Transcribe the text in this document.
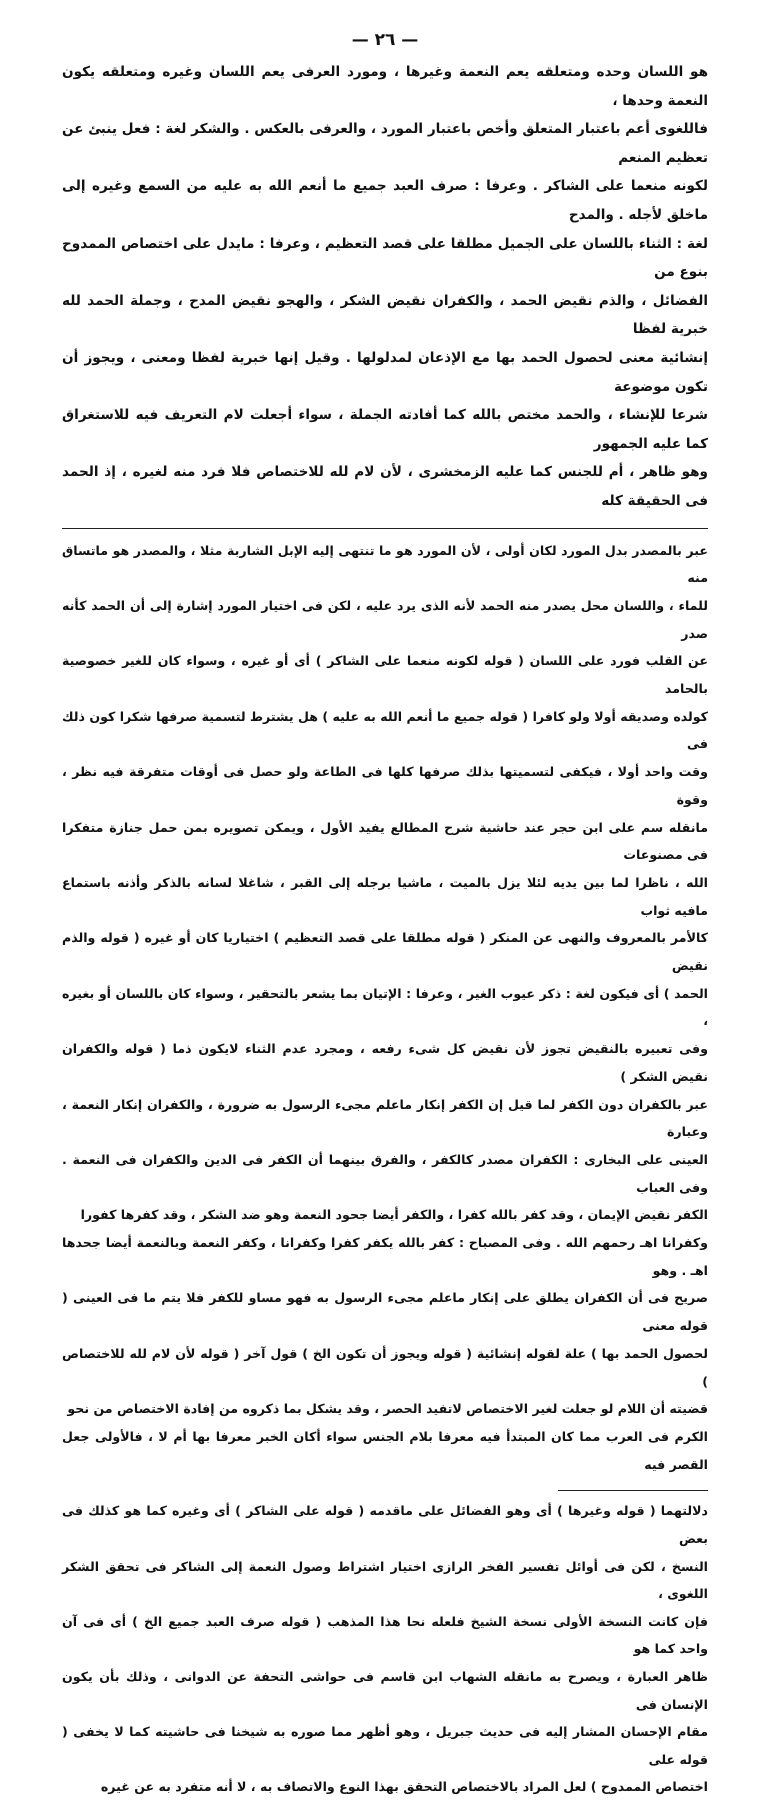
— ٢٦ —

هو اللسان وحده ومتعلقه يعم النعمة وغيرها ، ومورد العرفى يعم اللسان وغيره ومتعلقه يكون النعمة وحدها ،

فاللغوى أعم باعتبار المتعلق وأخص باعتبار المورد ، والعرفى بالعكس . والشكر لغة : فعل ينبئ عن تعظيم المنعم

لكونه منعما على الشاكر . وعرفا : صرف العبد جميع ما أنعم الله به عليه من السمع وغيره إلى ماخلق لأجله . والمدح

لغة : الثناء باللسان على الجميل مطلقا على قصد التعظيم ، وعرفا : مايدل على اختصاص الممدوح بنوع من

الفضائل ، والذم نقيض الحمد ، والكفران نقيض الشكر ، والهجو نقيض المدح ، وجملة الحمد لله خبرية لفظا

إنشائية معنى لحصول الحمد بها مع الإذعان لمدلولها . وقيل إنها خبرية لفظا ومعنى ، ويجوز أن تكون موضوعة

شرعا للإنشاء ، والحمد مختص بالله كما أفادته الجملة ، سواء أجعلت لام التعريف فيه للاستغراق كما عليه الجمهور

وهو ظاهر ، أم للجنس كما عليه الزمخشرى ، لأن لام لله للاختصاص فلا فرد منه لغيره ، إذ الحمد فى الحقيقة كله

عبر بالمصدر بدل المورد لكان أولى ، لأن المورد هو ما تنتهى إليه الإبل الشاربة مثلا ، والمصدر هو ماتساق منه

للماء ، واللسان محل يصدر منه الحمد لأنه الذى يرد عليه ، لكن فى اختيار المورد إشارة إلى أن الحمد كأنه صدر

عن القلب فورد على اللسان ( قوله لكونه منعما على الشاكر ) أى أو غيره ، وسواء كان للغير خصوصية بالحامد

كولده وصديقه أولا ولو كافرا ( قوله جميع ما أنعم الله به عليه ) هل يشترط لتسمية صرفها شكرا كون ذلك فى

وقت واحد أولا ، فيكفى لتسميتها بذلك صرفها كلها فى الطاعة ولو حصل فى أوقات متفرقة فيه نظر ، وقوة

مانقله سم على ابن حجر عند حاشية شرح المطالع يفيد الأول ، ويمكن تصويره بمن حمل جنازة متفكرا فى مصنوعات

الله ، ناظرا لما بين يديه لئلا يزل بالميت ، ماشيا برجله إلى القبر ، شاغلا لسانه بالذكر وأذنه باستماع مافيه ثواب

كالأمر بالمعروف والنهى عن المنكر ( قوله مطلقا على قصد التعظيم ) اختياريا كان أو غيره ( قوله والذم نقيض

الحمد ) أى فيكون لغة : ذكر عيوب الغير ، وعرفا : الإتيان بما يشعر بالتحقير ، وسواء كان باللسان أو بغيره ،

وفى تعبيره بالنقيض تجوز لأن نقيض كل شىء رفعه ، ومجرد عدم الثناء لايكون ذما ( قوله والكفران نقيض الشكر )

عبر بالكفران دون الكفر لما قيل إن الكفر إنكار ماعلم مجىء الرسول به ضرورة ، والكفران إنكار النعمة ، وعبارة

العينى على البخارى : الكفران مصدر كالكفر ، والفرق بينهما أن الكفر فى الدين والكفران فى النعمة . وفى العباب

الكفر نقيض الإيمان ، وقد كفر بالله كفرا ، والكفر أيضا جحود النعمة وهو ضد الشكر ، وقد كفرها كفورا

وكفرانا اهـ رحمهم الله . وفى المصباح : كفر بالله يكفر كفرا وكفرانا ، وكفر النعمة وبالنعمة أيضا جحدها اهـ . وهو

صريح فى أن الكفران يطلق على إنكار ماعلم مجىء الرسول به فهو مساو للكفر فلا يتم ما فى العينى ( قوله معنى

لحصول الحمد بها ) علة لقوله إنشائية ( قوله ويجوز أن تكون الخ ) قول آخر ( قوله لأن لام لله للاختصاص )

قضيته أن اللام لو جعلت لغير الاختصاص لاتفيد الحصر ، وقد يشكل بما ذكروه من إفادة الاختصاص من نحو

الكرم فى العرب مما كان المبتدأ فيه معرفا بلام الجنس سواء أكان الخبر معرفا بها أم لا ، فالأولى جعل القصر فيه

دلالتهما ( قوله وغيرها ) أى وهو الفضائل على ماقدمه ( قوله على الشاكر ) أى وغيره كما هو كذلك فى بعض

النسخ ، لكن فى أوائل تفسير الفخر الرازى اختيار اشتراط وصول النعمة إلى الشاكر فى تحقق الشكر اللغوى ،

فإن كانت النسخة الأولى نسخة الشيخ فلعله نحا هذا المذهب ( قوله صرف العبد جميع الخ ) أى فى آن واحد كما هو

ظاهر العبارة ، ويصرح به مانقله الشهاب ابن قاسم فى حواشى التحفة عن الدوانى ، وذلك بأن يكون الإنسان فى

مقام الإحسان المشار إليه فى حديث جبريل ، وهو أظهر مما صوره به شيخنا فى حاشيته كما لا يخفى ( قوله على

اختصاص الممدوح ) لعل المراد بالاختصاص التحقق بهذا النوع والاتصاف به ، لا أنه متفرد به عن غيره
